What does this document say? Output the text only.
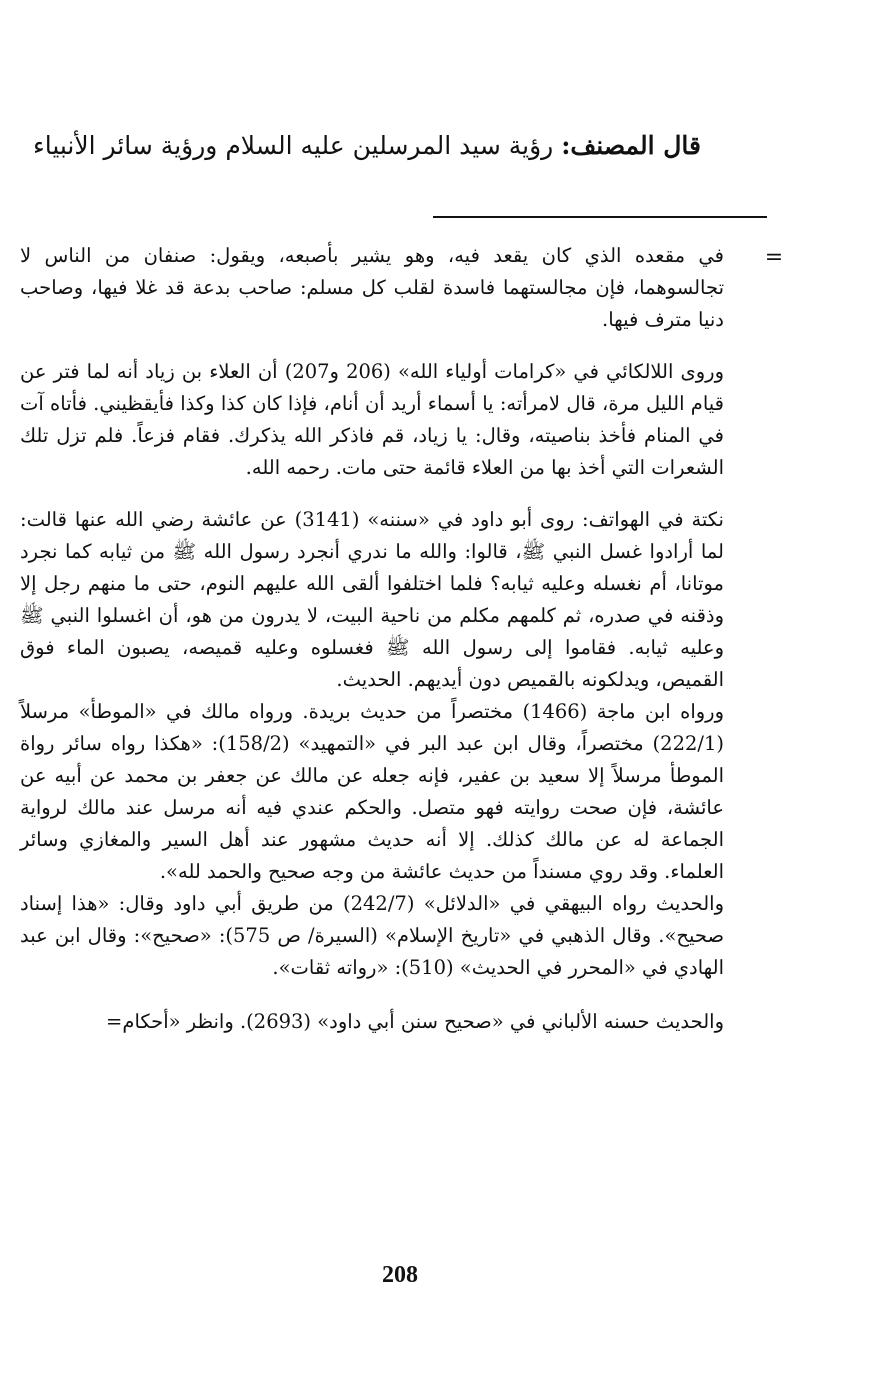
قال المصنف: رؤية سيد المرسلين عليه السلام ورؤية سائر الأنبياء
=

في مقعده الذي كان يقعد فيه، وهو يشير بأصبعه، ويقول: صنفان من الناس لا تجالسوهما، فإن مجالستهما فاسدة لقلب كل مسلم: صاحب بدعة قد غلا فيها، وصاحب دنيا مترف فيها.

وروى اللالكائي في «كرامات أولياء الله» (206 و207) أن العلاء بن زياد أنه لما فتر عن قيام الليل مرة، قال لامرأته: يا أسماء أريد أن أنام، فإذا كان كذا وكذا فأيقظيني. فأتاه آت في المنام فأخذ بناصيته، وقال: يا زياد، قم فاذكر الله يذكرك. فقام فزعاً. فلم تزل تلك الشعرات التي أخذ بها من العلاء قائمة حتى مات. رحمه الله.

نكتة في الهواتف: روى أبو داود في «سننه» (3141) عن عائشة رضي الله عنها قالت: لما أرادوا غسل النبي ﷺ، قالوا: والله ما ندري أنجرد رسول الله ﷺ من ثيابه كما نجرد موتانا، أم نغسله وعليه ثيابه؟ فلما اختلفوا ألقى الله عليهم النوم، حتى ما منهم رجل إلا وذقنه في صدره، ثم كلمهم مكلم من ناحية البيت، لا يدرون من هو، أن اغسلوا النبي ﷺ وعليه ثيابه. فقاموا إلى رسول الله ﷺ فغسلوه وعليه قميصه، يصبون الماء فوق القميص، ويدلكونه بالقميص دون أيديهم. الحديث.

ورواه ابن ماجة (1466) مختصراً من حديث بريدة. ورواه مالك في «الموطأ» مرسلاً (222/1) مختصراً، وقال ابن عبد البر في «التمهيد» (158/2): «هكذا رواه سائر رواة الموطأ مرسلاً إلا سعيد بن عفير، فإنه جعله عن مالك عن جعفر بن محمد عن أبيه عن عائشة، فإن صحت روايته فهو متصل. والحكم عندي فيه أنه مرسل عند مالك لرواية الجماعة له عن مالك كذلك. إلا أنه حديث مشهور عند أهل السير والمغازي وسائر العلماء. وقد روي مسنداً من حديث عائشة من وجه صحيح والحمد لله».

والحديث رواه البيهقي في «الدلائل» (242/7) من طريق أبي داود وقال: «هذا إسناد صحيح». وقال الذهبي في «تاريخ الإسلام» (السيرة/ ص 575): «صحيح»: وقال ابن عبد الهادي في «المحرر في الحديث» (510): «رواته ثقات».

والحديث حسنه الألباني في «صحيح سنن أبي داود» (2693). وانظر «أحكام=

208
